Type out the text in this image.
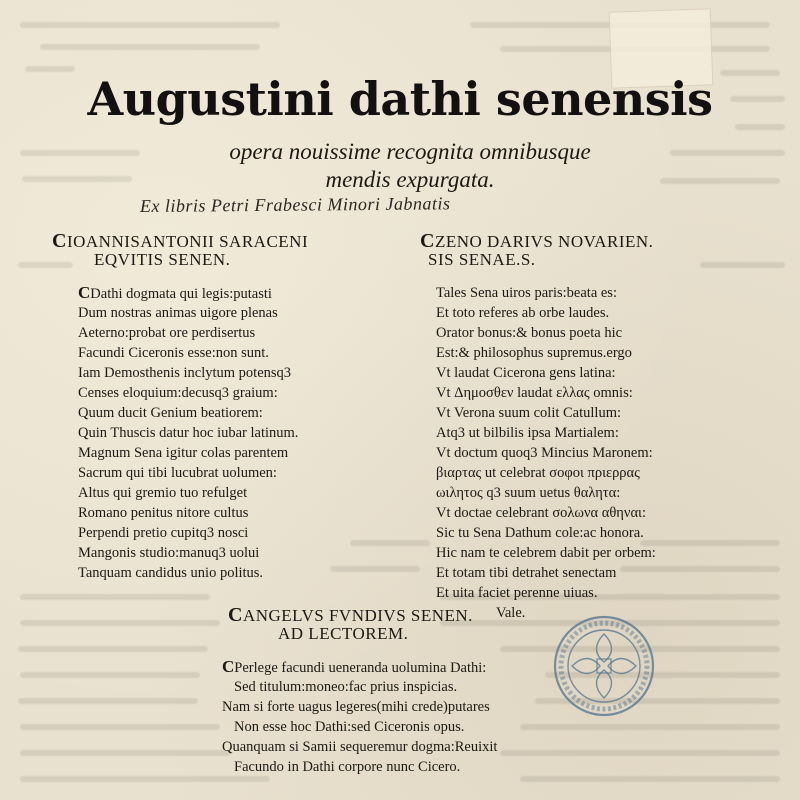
Augustini dathi senensis
opera nouissime recognita omnibusque
mendis expurgata.
Ex libris Petri Frabesci Minori Jabnatis
CIOANNISANTONII SARACENI
EQVITIS SENEN.
CZENO DARIVS NOVARIEN.
SIS SENAE.S.
CDathi dogmata qui legis:putasti
Dum nostras animas uigore plenas
Aeterno:probat ore perdisertus
Facundi Ciceronis esse:non sunt.
Iam Demosthenis inclytum potensq3
Censes eloquium:decusq3 graium:
Quum ducit Genium beatiorem:
Quin Thuscis datur hoc iubar latinum.
Magnum Sena igitur colas parentem
Sacrum qui tibi lucubrat uolumen:
Altus qui gremio tuo refulget
Romano penitus nitore cultus
Perpendi pretio cupitq3 nosci
Mangonis studio:manuq3 uolui
Tanquam candidus unio politus.
Tales Sena uiros paris:beata es:
Et toto referes ab orbe laudes.
Orator bonus:& bonus poeta hic
Est:& philosophus supremus.ergo
Vt laudat Cicerona gens latina:
Vt Δημοσθεν laudat ελλας omnis:
Vt Verona suum colit Catullum:
Atq3 ut bilbilis ipsa Martialem:
Vt doctum quoq3 Mincius Maronem:
βιαρτας ut celebrat σοφοι πριερρας
ωιλητος q3 suum uetus θαλητα:
Vt doctae celebrant σολωνα αθηναι:
Sic tu Sena Dathum cole:ac honora.
Hic nam te celebrem dabit per orbem:
Et totam tibi detrahet senectam
Et uita faciet perenne uiuas.
Vale.
CANGELVS FVNDIVS SENEN.
AD LECTOREM.
CPerlege facundi ueneranda uolumina Dathi:
Sed titulum:moneo:fac prius inspicias.
Nam si forte uagus legeres(mihi crede)putares
Non esse hoc Dathi:sed Ciceronis opus.
Quanquam si Samii sequeremur dogma:Reuixit
Facundo in Dathi corpore nunc Cicero.
